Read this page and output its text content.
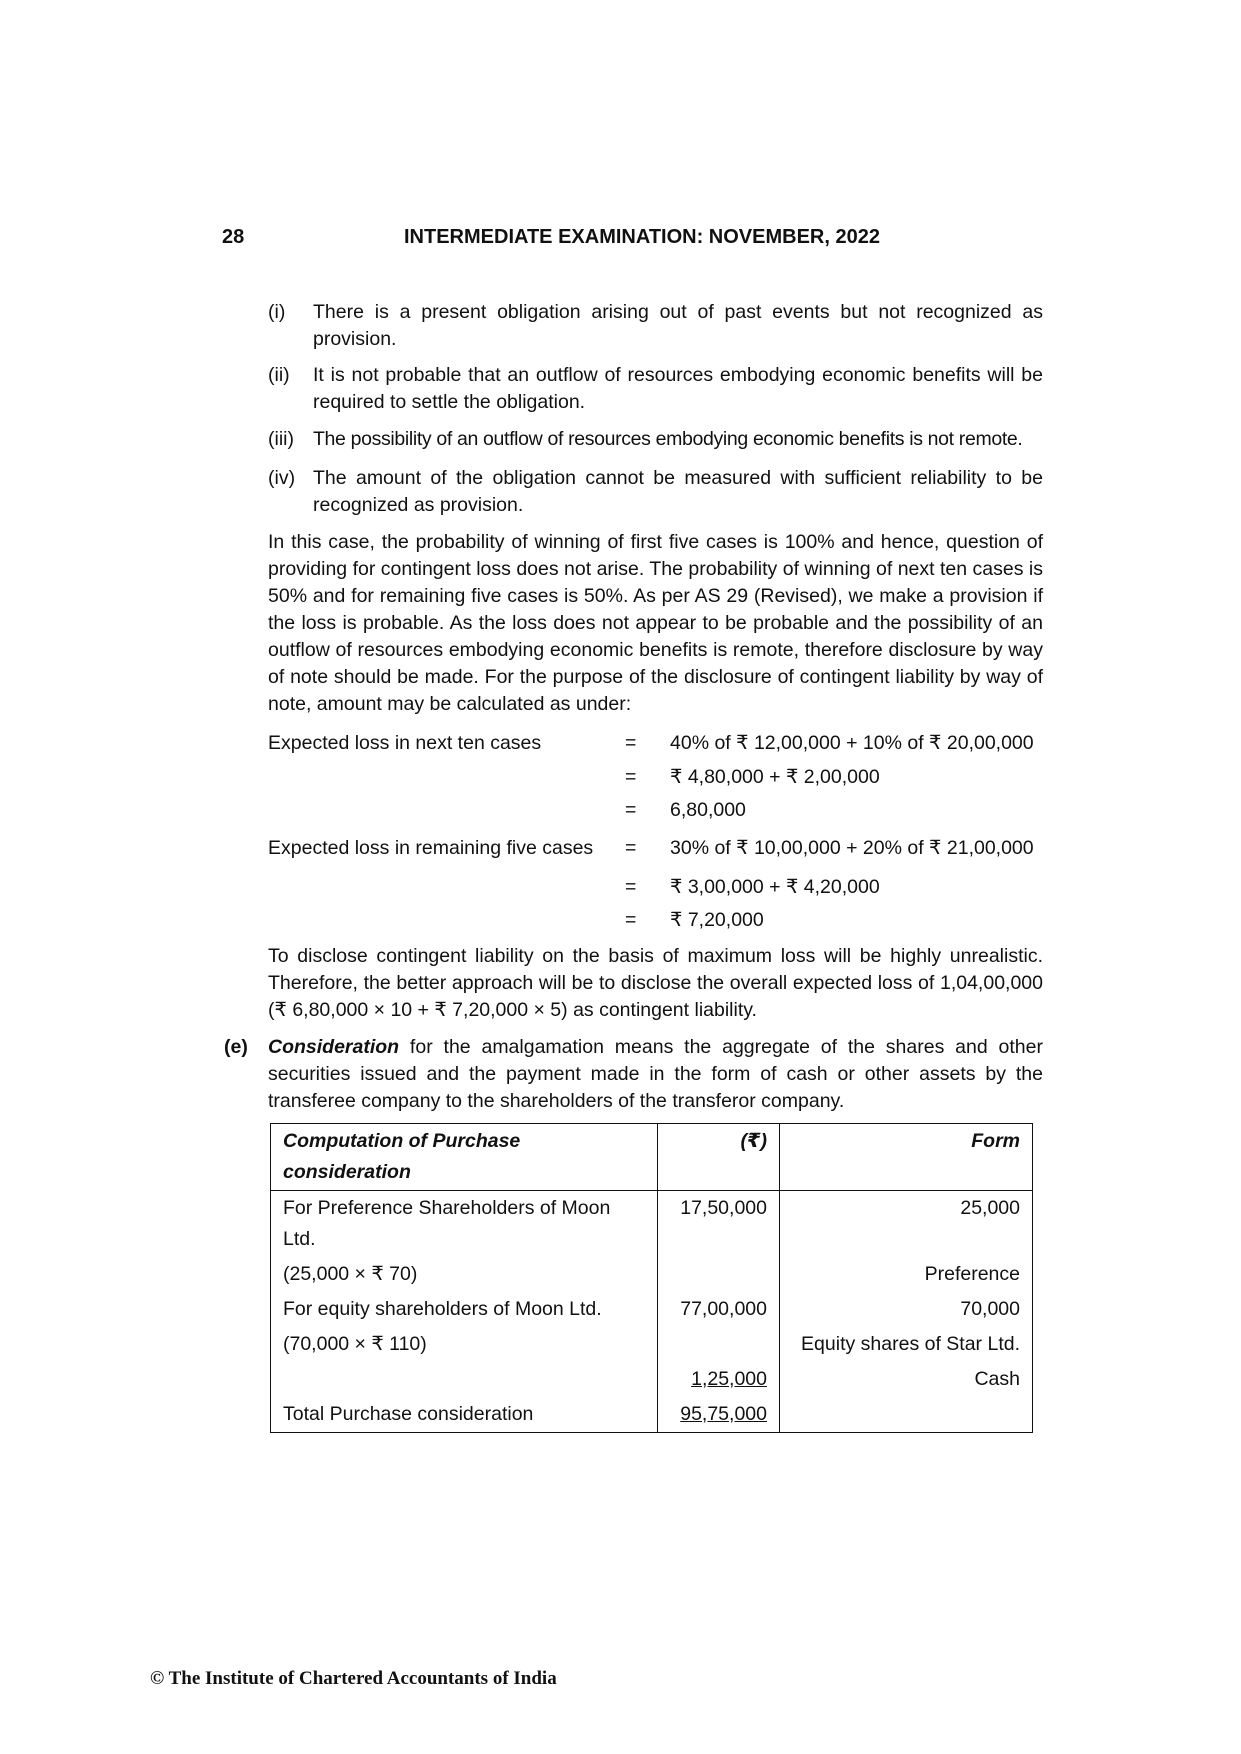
28	INTERMEDIATE EXAMINATION: NOVEMBER, 2022
(i) There is a present obligation arising out of past events but not recognized as provision.
(ii) It is not probable that an outflow of resources embodying economic benefits will be required to settle the obligation.
(iii) The possibility of an outflow of resources embodying economic benefits is not remote.
(iv) The amount of the obligation cannot be measured with sufficient reliability to be recognized as provision.
In this case, the probability of winning of first five cases is 100% and hence, question of providing for contingent loss does not arise. The probability of winning of next ten cases is 50% and for remaining five cases is 50%. As per AS 29 (Revised), we make a provision if the loss is probable. As the loss does not appear to be probable and the possibility of an outflow of resources embodying economic benefits is remote, therefore disclosure by way of note should be made. For the purpose of the disclosure of contingent liability by way of note, amount may be calculated as under:
Expected loss in next ten cases	= 40% of ₹ 12,00,000 + 10% of ₹ 20,00,000
= ₹ 4,80,000 + ₹ 2,00,000
= 6,80,000
Expected loss in remaining five cases = 30% of ₹ 10,00,000 + 20% of ₹ 21,00,000
= ₹ 3,00,000 + ₹ 4,20,000
= ₹ 7,20,000
To disclose contingent liability on the basis of maximum loss will be highly unrealistic. Therefore, the better approach will be to disclose the overall expected loss of 1,04,00,000 (₹ 6,80,000 × 10 + ₹ 7,20,000 × 5) as contingent liability.
(e) Consideration for the amalgamation means the aggregate of the shares and other securities issued and the payment made in the form of cash or other assets by the transferee company to the shareholders of the transferor company.
Computation of Purchase consideration	(₹)	Form
For Preference Shareholders of Moon Ltd.	17,50,000	25,000
(25,000 × ₹ 70)		Preference
For equity shareholders of Moon Ltd.	77,00,000	70,000
(70,000 × ₹ 110)		Equity shares of Star Ltd.
	1,25,000	Cash
Total Purchase consideration	95,75,000	
© The Institute of Chartered Accountants of India
